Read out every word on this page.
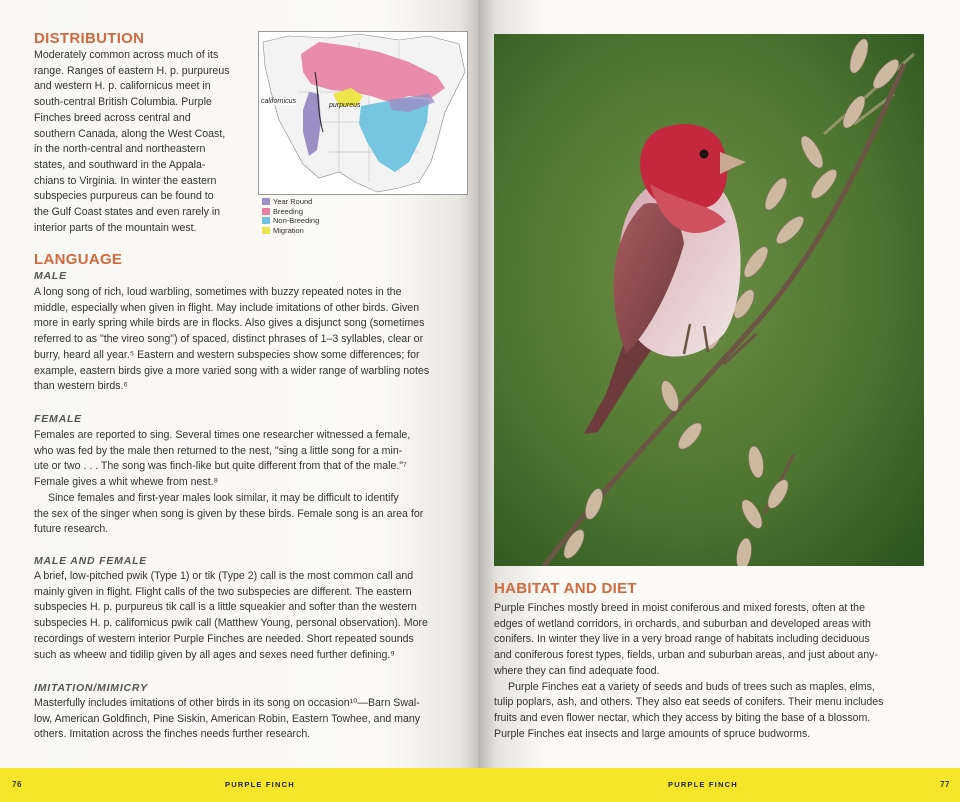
DISTRIBUTION
Moderately common across much of its
range. Ranges of eastern H. p. purpureus
and western H. p. californicus meet in
south-central British Columbia. Purple
Finches breed across central and
southern Canada, along the West Coast,
in the north-central and northeastern
states, and southward in the Appala-
chians to Virginia. In winter the eastern
subspecies purpureus can be found to
the Gulf Coast states and even rarely in
interior parts of the mountain west.
californicus
purpureus
Year Round
Breeding
Non-Breeding
Migration
LANGUAGE
MALE
A long song of rich, loud warbling, sometimes with buzzy repeated notes in the
middle, especially when given in flight. May include imitations of other birds. Given
more in early spring while birds are in flocks. Also gives a disjunct song (sometimes
referred to as "the vireo song") of spaced, distinct phrases of 1–3 syllables, clear or
burry, heard all year.⁵ Eastern and western subspecies show some differences; for
example, eastern birds give a more varied song with a wider range of warbling notes
than western birds.⁶
FEMALE
Females are reported to sing. Several times one researcher witnessed a female,
who was fed by the male then returned to the nest, "sing a little song for a min-
ute or two . . . The song was finch-like but quite different from that of the male."⁷
Female gives a whit whewe from nest.⁸
Since females and first-year males look similar, it may be difficult to identify
the sex of the singer when song is given by these birds. Female song is an area for
future research.
MALE AND FEMALE
A brief, low-pitched pwik (Type 1) or tik (Type 2) call is the most common call and
mainly given in flight. Flight calls of the two subspecies are different. The eastern
subspecies H. p. purpureus tik call is a little squeakier and softer than the western
subspecies H. p. californicus pwik call (Matthew Young, personal observation). More
recordings of western interior Purple Finches are needed. Short repeated sounds
such as wheew and tidilip given by all ages and sexes need further defining.⁹
IMITATION/MIMICRY
Masterfully includes imitations of other birds in its song on occasion¹⁰—Barn Swal-
low, American Goldfinch, Pine Siskin, American Robin, Eastern Towhee, and many
others. Imitation across the finches needs further research.
76	PURPLE FINCH
HABITAT AND DIET
Purple Finches mostly breed in moist coniferous and mixed forests, often at the
edges of wetland corridors, in orchards, and suburban and developed areas with
conifers. In winter they live in a very broad range of habitats including deciduous
and coniferous forest types, fields, urban and suburban areas, and just about any-
where they can find adequate food.
Purple Finches eat a variety of seeds and buds of trees such as maples, elms,
tulip poplars, ash, and others. They also eat seeds of conifers. Their menu includes
fruits and even flower nectar, which they access by biting the base of a blossom.
Purple Finches eat insects and large amounts of spruce budworms.
PURPLE FINCH	77
